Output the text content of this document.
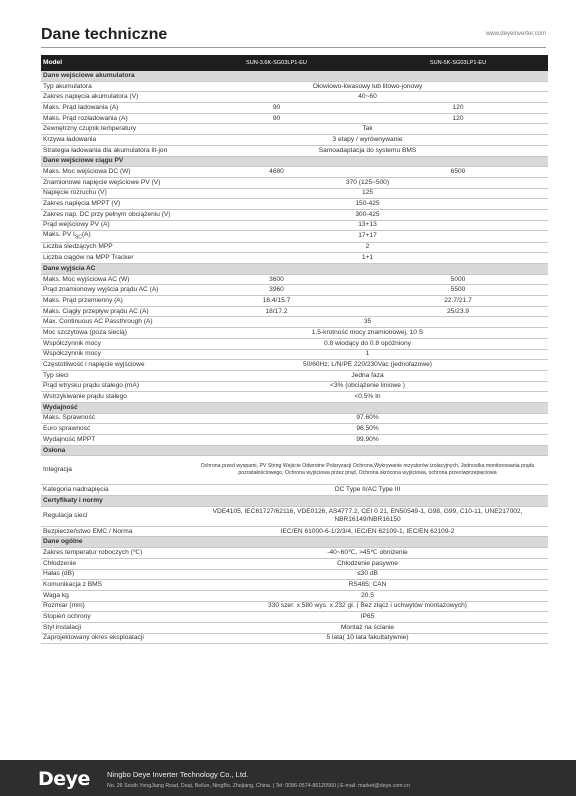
Dane techniczne	www.deyeinverter.com
Model	SUN-3.6K-SG03LP1-EU	SUN-5K-SG03LP1-EU
Dane wejściowe akumulatora		
Typ akumulatora	Ołowiowo-kwasowy lub litowo-jonowy	
Zakres napięcia akumulatora (V)	40~60	
Maks. Prąd ładowania (A)	90	120
Maks. Prąd rozładowania (A)	90	120
Zewnętrzny czujnik temperatury	Tak	
Krzywa ładowania	3 etapy / wyrównywanie	
Strategia ładowania dla akumulatora lit-jon	Samoadaptacja do systemu BMS	
Dane wejściowe ciągu PV		
Maks. Moc wejściowa DC (W)	4680	6500
Znamionowe napięcie wejściowe PV (V)	370 (125~500)	
Napięcie rozruchu (V)	125	
Zakres napięcia MPPT (V)	150-425	
Zakres nap. DC przy pełnym obciążeniu (V)	300-425	
Prąd wejściowy PV (A)	13+13	
Maks. PV $I_{SC}(A)$	17+17	
Liczba śledzących MPP	2	
Liczba ciągów na MPP Tracker	1+1	
Dane wyjścia AC		
Maks. Moc wyjściowa AC (W)	3600	5000
Prąd znamionowy wyjścia prądu AC (A)	3960	5500
Maks. Prąd przemienny (A)	16.4/15.7	22.7/21.7
Maks. Ciągły przepływ prądu AC (A)	18/17.2	25/23.9
Max. Continuous AC Passthrough (A)	35	
Moc szczytowa (poza siecią)	1.5-krotność mocy znamionowej, 10 S	
Współczynnik mocy	0.8 wiodący do 0.8 opóźniony	
Współczynnik mocy	1	
Częstotliwość i napięcie wyjściowe	50/60Hz; L/N/PE 220/230Vac (jednofazowe)	
Typ sieci	Jedna faza	
Prąd wtrysku prądu stałego (mA)	<3% (obciążenie liniowe )	
Wstrzykiwanie prądu stałego	<0.5% In	
Wydajność		
Maks. Sprawność	97.60%	
Euro sprawność	96.50%	
Wydajność MPPT	99.90%	
Osłona		
Integracja	Ochrona przed wyspami, PV String Wejście Odwrotne Polaryzacji Ochrona,Wykrywanie rezystorów izolacyjnych, Jednostka monitorowania prądu pozostałościowego, Ochrona wyjściowa przez prąd, Ochrona skrócona wyjściowa, ochrona przeciwprzepięciowa	
Kategoria nadnapięcia	DC Type II/AC Type III	
Certyfikaty i normy		
Regulacja sieci	VDE4105, IEC61727/62116, VDE0126, AS4777.2, CEI 0 21, EN50549-1, G98, G99, C10-11, UNE217002, NBR16149/NBR16150	
Bezpieczeństwo EMC / Norma	IEC/EN 61000-6-1/2/3/4, IEC/EN 62109-1, IEC/EN 62109-2	
Dane ogólne		
Zakres temperatur roboczych (℃)	-40~60℃, >45℃ obniżenie	
Chłodzenie	Chłodzenie pasywne	
Hałas (dB)	≤30 dB	
Komunikacja z BMS	RS485; CAN	
Waga kg	20.5	
Rozmiar (mm)	330 szer. x 580 wys. x 232 gł. ( Bez złącz i uchwytów montażowych)	
Stopień ochrony	IP65	
Styl instalacji	Montaż na ścianie	
Zaprojektowany okres eksploatacji	5 lata( 10 lata fakultatywnie)	
Deye Ningbo Deye Inverter Technology Co., Ltd.
No. 26 South YongJiang Road, Daqi, Beilun, NingBo, Zhejiang, China. | Tel: 0086-0574-86120560 | E-mail: market@deye.com.cn
